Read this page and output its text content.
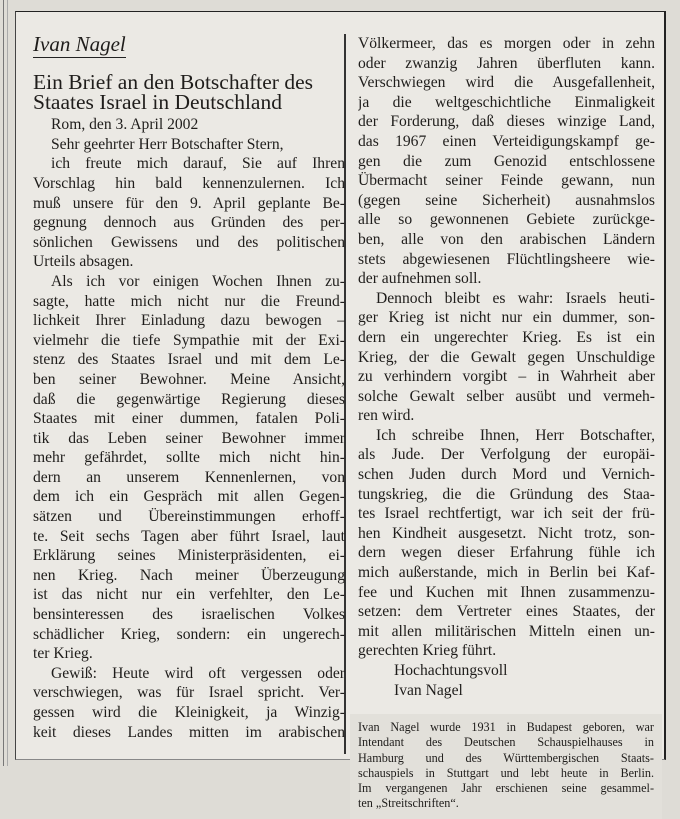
Ivan Nagel
Ein Brief an den Botschafter des
Staates Israel in Deutschland
Rom, den 3. April 2002
Sehr geehrter Herr Botschafter Stern,
ich freute mich darauf, Sie auf Ihren
Vorschlag hin bald kennenzulernen. Ich
muß unsere für den 9. April geplante Be-
gegnung dennoch aus Gründen des per-
sönlichen Gewissens und des politischen
Urteils absagen.
Als ich vor einigen Wochen Ihnen zu-
sagte, hatte mich nicht nur die Freund-
lichkeit Ihrer Einladung dazu bewogen –
vielmehr die tiefe Sympathie mit der Exi-
stenz des Staates Israel und mit dem Le-
ben seiner Bewohner. Meine Ansicht,
daß die gegenwärtige Regierung dieses
Staates mit einer dummen, fatalen Poli-
tik das Leben seiner Bewohner immer
mehr gefährdet, sollte mich nicht hin-
dern an unserem Kennenlernen, von
dem ich ein Gespräch mit allen Gegen-
sätzen und Übereinstimmungen erhoff-
te. Seit sechs Tagen aber führt Israel, laut
Erklärung seines Ministerpräsidenten, ei-
nen Krieg. Nach meiner Überzeugung
ist das nicht nur ein verfehlter, den Le-
bensinteressen des israelischen Volkes
schädlicher Krieg, sondern: ein ungerech-
ter Krieg.
Gewiß: Heute wird oft vergessen oder
verschwiegen, was für Israel spricht. Ver-
gessen wird die Kleinigkeit, ja Winzig-
keit dieses Landes mitten im arabischen
Völkermeer, das es morgen oder in zehn
oder zwanzig Jahren überfluten kann.
Verschwiegen wird die Ausgefallenheit,
ja die weltgeschichtliche Einmaligkeit
der Forderung, daß dieses winzige Land,
das 1967 einen Verteidigungskampf ge-
gen die zum Genozid entschlossene
Übermacht seiner Feinde gewann, nun
(gegen seine Sicherheit) ausnahmslos
alle so gewonnenen Gebiete zurückge-
ben, alle von den arabischen Ländern
stets abgewiesenen Flüchtlingsheere wie-
der aufnehmen soll.
Dennoch bleibt es wahr: Israels heuti-
ger Krieg ist nicht nur ein dummer, son-
dern ein ungerechter Krieg. Es ist ein
Krieg, der die Gewalt gegen Unschuldige
zu verhindern vorgibt – in Wahrheit aber
solche Gewalt selber ausübt und vermeh-
ren wird.
Ich schreibe Ihnen, Herr Botschafter,
als Jude. Der Verfolgung der europäi-
schen Juden durch Mord und Vernich-
tungskrieg, die die Gründung des Staa-
tes Israel rechtfertigt, war ich seit der frü-
hen Kindheit ausgesetzt. Nicht trotz, son-
dern wegen dieser Erfahrung fühle ich
mich außerstande, mich in Berlin bei Kaf-
fee und Kuchen mit Ihnen zusammenzu-
setzen: dem Vertreter eines Staates, der
mit allen militärischen Mitteln einen un-
gerechten Krieg führt.
Hochachtungsvoll
Ivan Nagel
Ivan Nagel wurde 1931 in Budapest geboren, war
Intendant des Deutschen Schauspielhauses in
Hamburg und des Württembergischen Staats-
schauspiels in Stuttgart und lebt heute in Berlin.
Im vergangenen Jahr erschienen seine gesammel-
ten „Streitschriften“.
